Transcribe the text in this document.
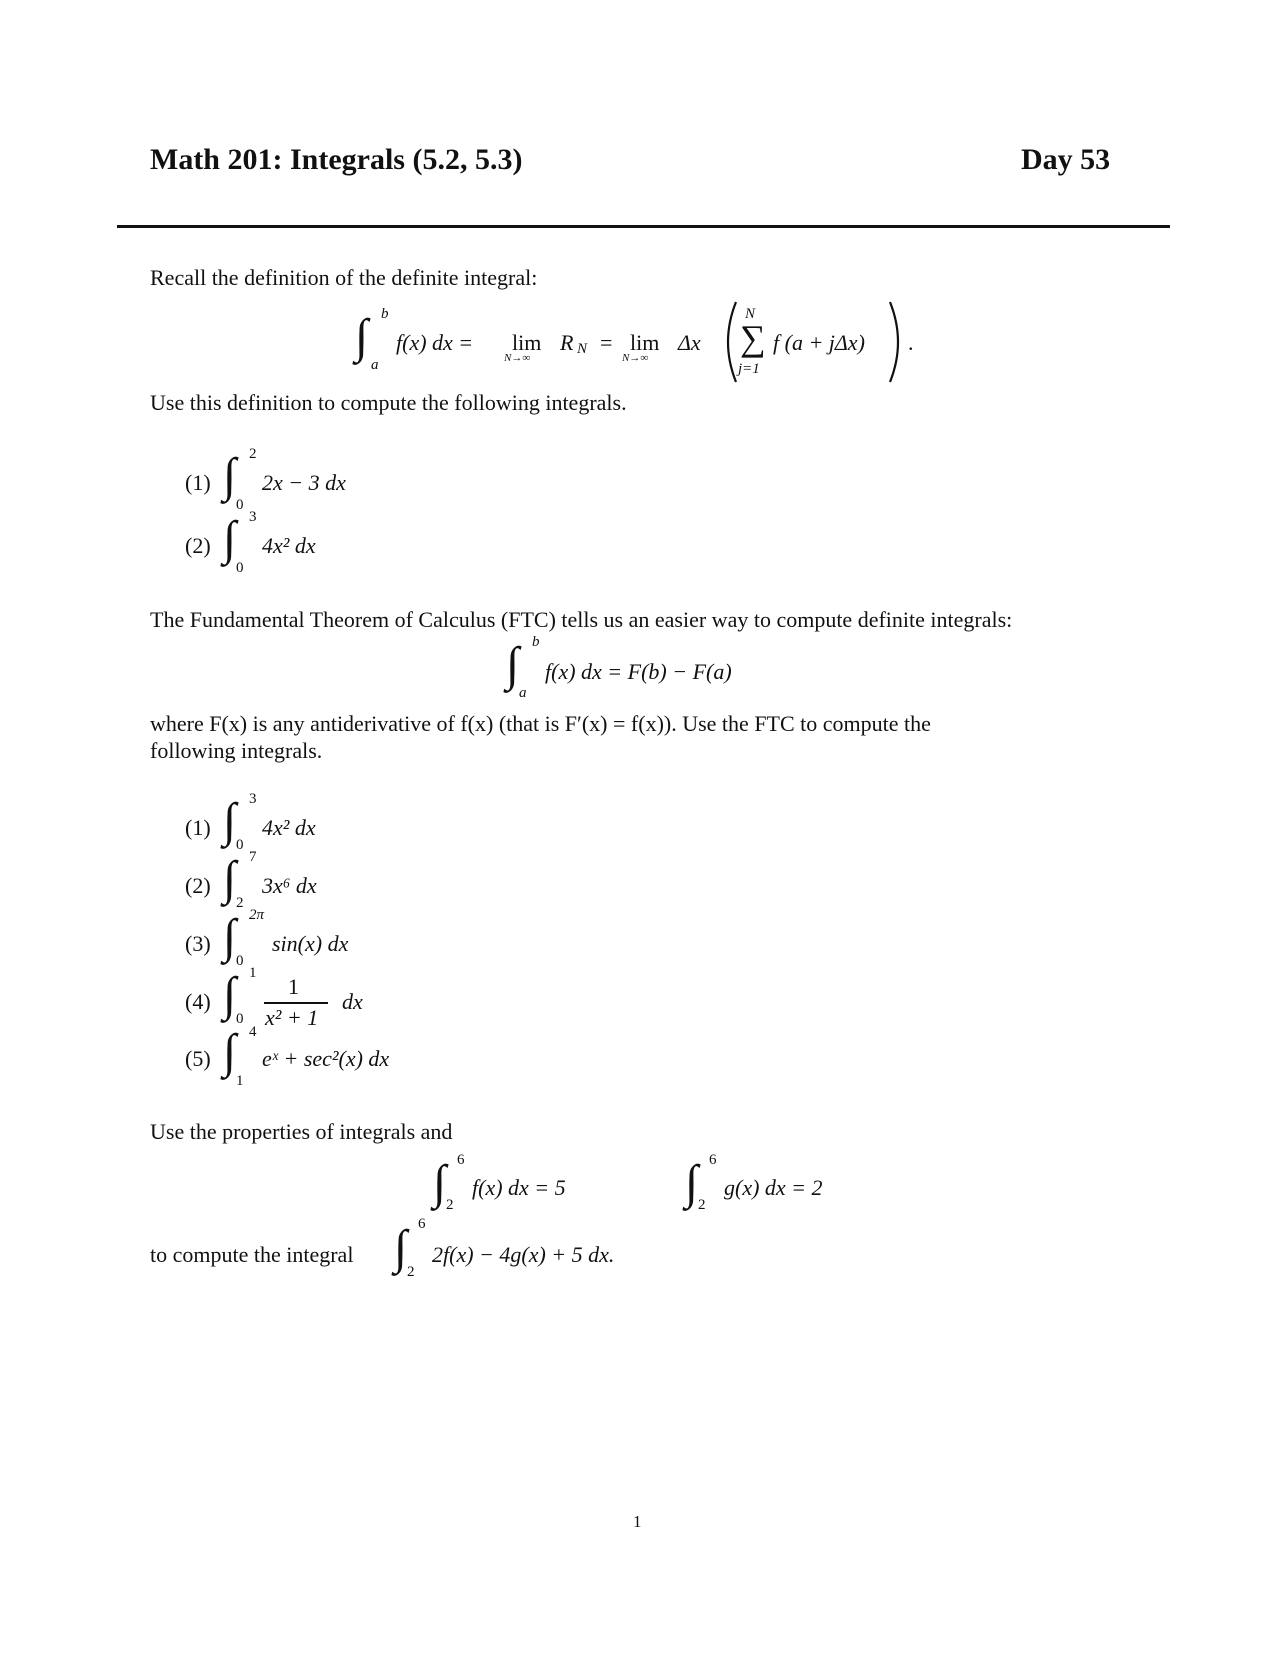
Math 201: Integrals (5.2, 5.3)	Day 53
Recall the definition of the definite integral:
∫ b
a
f(x) dx = lim
N→∞
R N = lim
N→∞
Δx
N
∑
j=1
f (a + jΔx) .
Use this definition to compute the following integrals.
(1) ∫ 2
0
2x − 3 dx
(2) ∫ 3
0
4x² dx
The Fundamental Theorem of Calculus (FTC) tells us an easier way to compute definite integrals:
∫ b
a
f(x) dx = F(b) − F(a)
where F(x) is any antiderivative of f(x) (that is F′(x) = f(x)). Use the FTC to compute the
following integrals.
(1) ∫ 3
0
4x² dx
(2) ∫ 7
2
3x⁶ dx
(3) ∫ 2π
0
sin(x) dx
(4) ∫ 1
0
1
x² + 1
dx
(5) ∫ 4
1
eˣ + sec²(x) dx
Use the properties of integrals and
∫ 6
2
f(x) dx = 5 ∫ 6
2
g(x) dx = 2
to compute the integral ∫ 6
2
2f(x) − 4g(x) + 5 dx.
1
